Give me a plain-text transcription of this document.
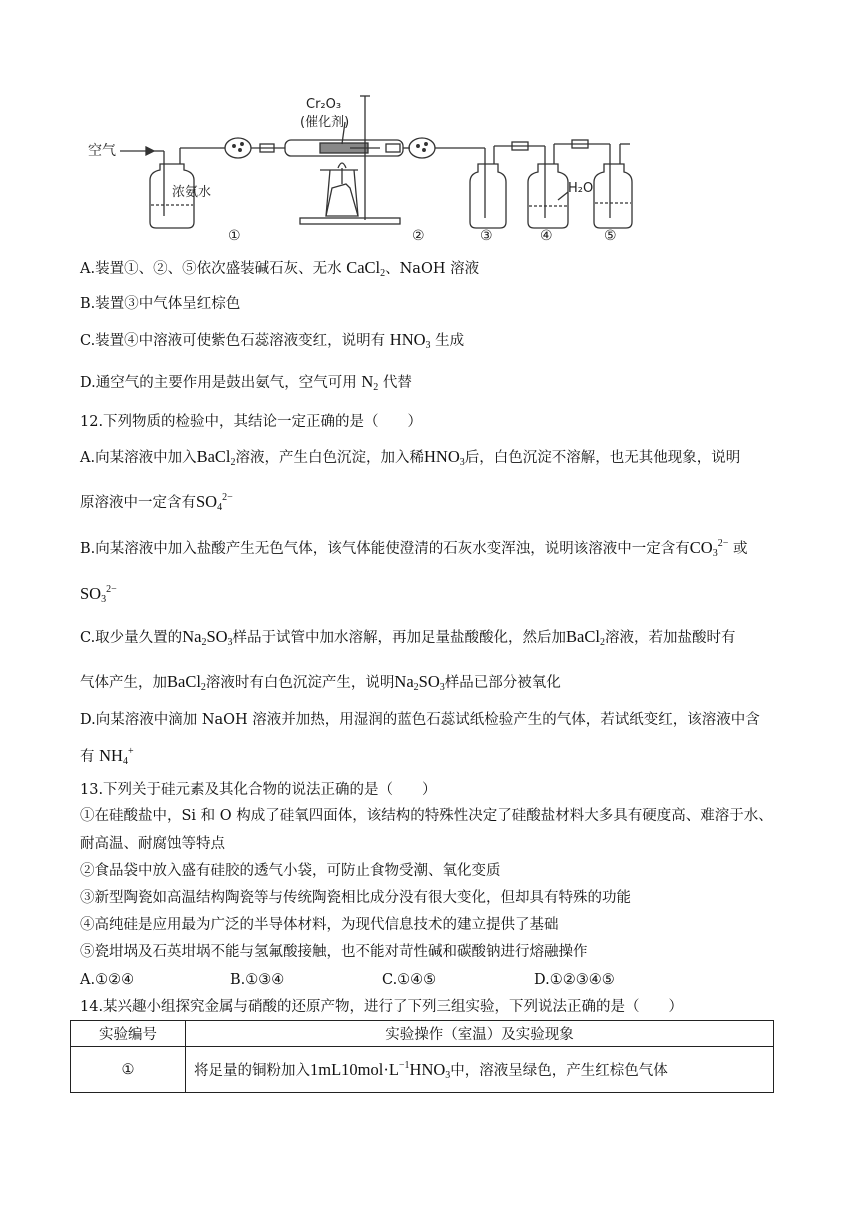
Cr₂O₃
(催化剂)
空气
浓氨水	H₂O
①	②	③	④	⑤
A.装置①、②、⑤依次盛装碱石灰、无水 CaCl$_2$、NaOH 溶液
B.装置③中气体呈红棕色
C.装置④中溶液可使紫色石蕊溶液变红，说明有 $HNO_3$ 生成
D.通空气的主要作用是鼓出氨气，空气可用 $N_2$ 代替
12.下列物质的检验中，其结论一定正确的是（　　）
A.向某溶液中加入BaCl$_2$溶液，产生白色沉淀，加入稀$HNO_3$后，白色沉淀不溶解，也无其他现象，说明
原溶液中一定含有$SO_4^{2-}$
B.向某溶液中加入盐酸产生无色气体，该气体能使澄清的石灰水变浑浊，说明该溶液中一定含有$CO_3^{2-}$ 或
$SO_3^{2-}$
C.取少量久置的$Na_2SO_3$样品于试管中加水溶解，再加足量盐酸酸化，然后加BaCl$_2$溶液，若加盐酸时有
气体产生，加BaCl$_2$溶液时有白色沉淀产生，说明$Na_2SO_3$样品已部分被氧化
D.向某溶液中滴加 NaOH 溶液并加热，用湿润的蓝色石蕊试纸检验产生的气体，若试纸变红，该溶液中含
有 $NH_4^+$
13.下列关于硅元素及其化合物的说法正确的是（　　）
①在硅酸盐中，Si 和 O 构成了硅氧四面体，该结构的特殊性决定了硅酸盐材料大多具有硬度高、难溶于水、
耐高温、耐腐蚀等特点
②食品袋中放入盛有硅胶的透气小袋，可防止食物受潮、氧化变质
③新型陶瓷如高温结构陶瓷等与传统陶瓷相比成分没有很大变化，但却具有特殊的功能
④高纯硅是应用最为广泛的半导体材料，为现代信息技术的建立提供了基础
⑤瓷坩埚及石英坩埚不能与氢氟酸接触，也不能对苛性碱和碳酸钠进行熔融操作
A.①②④	B.①③④	C.①④⑤	D.①②③④⑤
14.某兴趣小组探究金属与硝酸的还原产物，进行了下列三组实验，下列说法正确的是（　　）
实验编号	实验操作（室温）及实验现象
①	将足量的铜粉加入$1mL10mol\cdot L^{-1}HNO_3$中，溶液呈绿色，产生红棕色气体
